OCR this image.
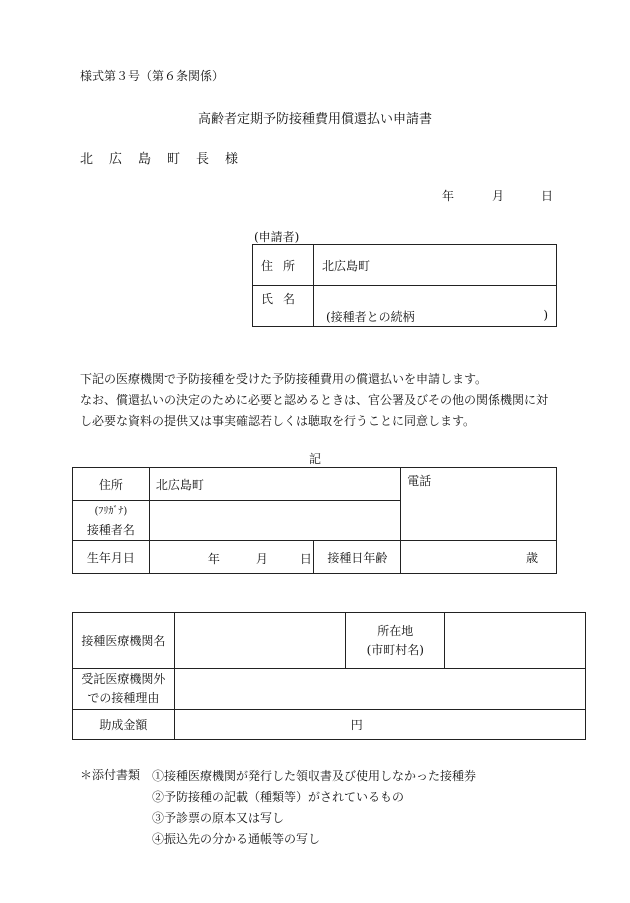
様式第３号（第６条関係）
高齢者定期予防接種費用償還払い申請書
北広島町長様
年	月	日
(申請者)
住所	北広島町
氏名	(接種者との続柄 )
下記の医療機関で予防接種を受けた予防接種費用の償還払いを申請します。
なお、償還払いの決定のために必要と認めるときは、官公署及びその他の関係機関に対
し必要な資料の提供又は事実確認若しくは聴取を行うことに同意します。
記
住所	北広島町		電話

(ﾌﾘｶﾞﾅ)
接種者名			

生年月日	年 月 日	接種日年齢	歳
接種医療機関名		所在地
(市町村名)	

受託医療機関外
での接種理由			

助成金額	円		
＊添付書類 ①接種医療機関が発行した領収書及び使用しなかった接種券
②予防接種の記載（種類等）がされているもの
③予診票の原本又は写し
④振込先の分かる通帳等の写し
